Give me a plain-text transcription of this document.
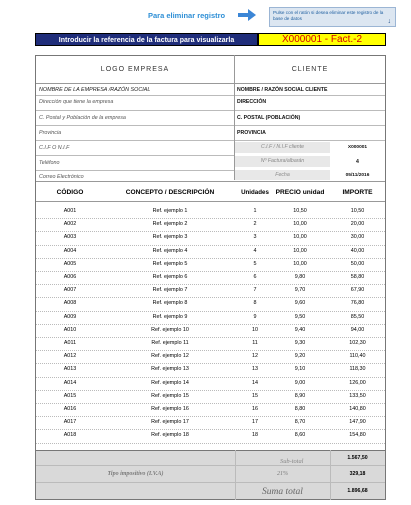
Para eliminar registro	Pulse con el ratón si desea eliminar este registro de la base de datos	↓
Introducir la referencia de la factura para visualizarla	X000001 - Fact.-2
LOGO EMPRESA	CLIENTE
NOMBRE DE LA EMPRESA /RAZÓN SOCIAL
Dirección que tiene la empresa
C. Postal y Población de la empresa
Provincia
C.I.F O N.I.F
Teléfono
Correo Electrónico
NOMBRE / RAZÓN SOCIAL CLIENTE
DIRECCIÓN
C. POSTAL (POBLACIÓN)
PROVINCIA
C.I.F / N.I.F cliente	X000001
Nº Factura/albarán	4
Fecha	05/11/2016
CÓDIGO	CONCEPTO / DESCRIPCIÓN	Unidades	PRECIO unidad	IMPORTE
A001	Ref. ejemplo 1	1	10,50	10,50
A002	Ref. ejemplo 2	2	10,00	20,00
A003	Ref. ejemplo 3	3	10,00	30,00
A004	Ref. ejemplo 4	4	10,00	40,00
A005	Ref. ejemplo 5	5	10,00	50,00
A006	Ref. ejemplo 6	6	9,80	58,80
A007	Ref. ejemplo 7	7	9,70	67,90
A008	Ref. ejemplo 8	8	9,60	76,80
A009	Ref. ejemplo 9	9	9,50	85,50
A010	Ref. ejemplo 10	10	9,40	94,00
A011	Ref. ejemplo 11	11	9,30	102,30
A012	Ref. ejemplo 12	12	9,20	110,40
A013	Ref. ejemplo 13	13	9,10	118,30
A014	Ref. ejemplo 14	14	9,00	126,00
A015	Ref. ejemplo 15	15	8,90	133,50
A016	Ref. ejemplo 16	16	8,80	140,80
A017	Ref. ejemplo 17	17	8,70	147,90
A018	Ref. ejemplo 18	18	8,60	154,80
Sub-total	1.567,50
Tipo impositivo (I.V.A)	21%	329,18
Suma total	1.896,68
